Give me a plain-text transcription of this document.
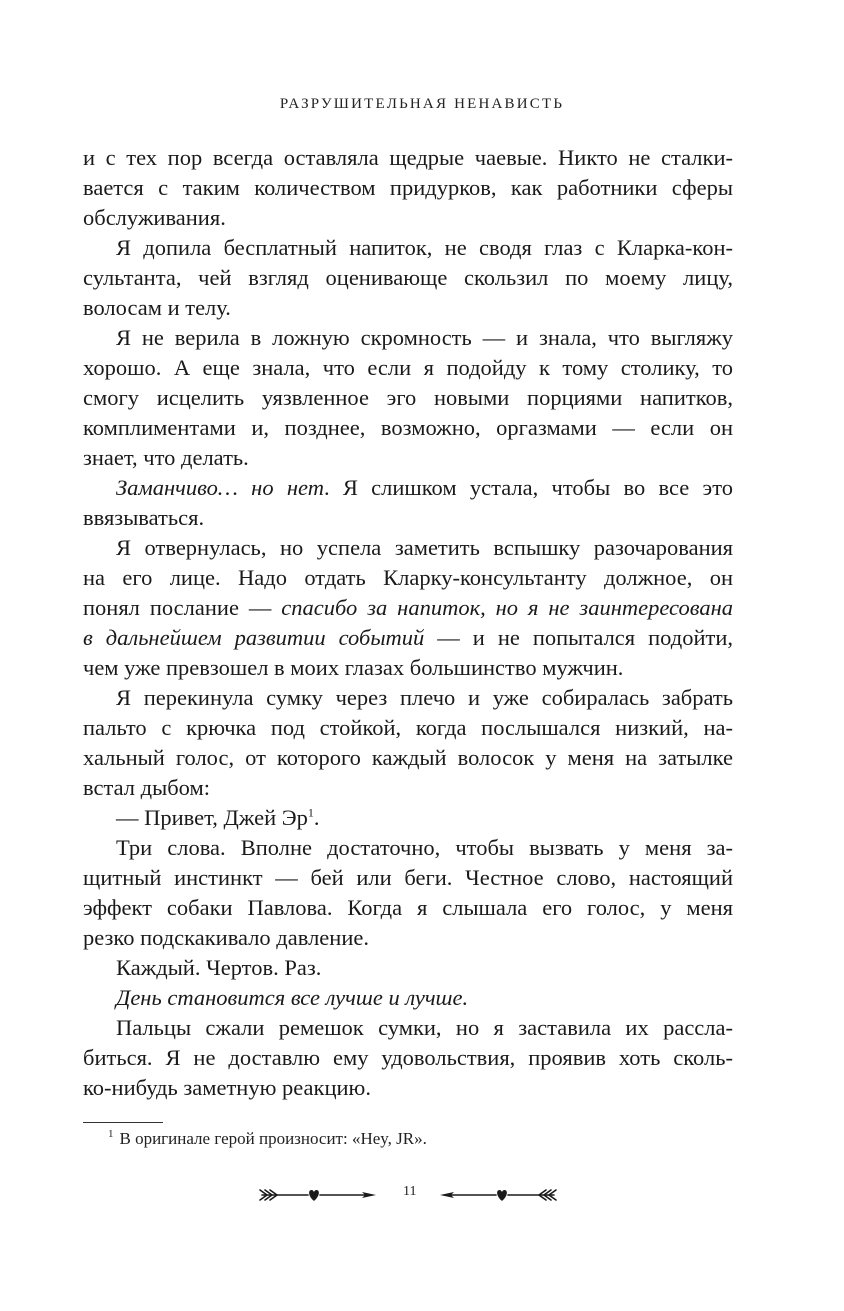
РАЗРУШИТЕЛЬНАЯ НЕНАВИСТЬ
и с тех пор всегда оставляла щедрые чаевые. Никто не сталки-
вается с таким количеством придурков, как работники сферы
обслуживания.
Я допила бесплатный напиток, не сводя глаз с Кларка-кон-
сультанта, чей взгляд оценивающе скользил по моему лицу,
волосам и телу.
Я не верила в ложную скромность — и знала, что выгляжу
хорошо. А еще знала, что если я подойду к тому столику, то
смогу исцелить уязвленное эго новыми порциями напитков,
комплиментами и, позднее, возможно, оргазмами — если он
знает, что делать.
Заманчиво… но нет. Я слишком устала, чтобы во все это
ввязываться.
Я отвернулась, но успела заметить вспышку разочарования
на его лице. Надо отдать Кларку-консультанту должное, он
понял послание — спасибо за напиток, но я не заинтересована
в дальнейшем развитии событий — и не попытался подойти,
чем уже превзошел в моих глазах большинство мужчин.
Я перекинула сумку через плечо и уже собиралась забрать
пальто с крючка под стойкой, когда послышался низкий, на-
хальный голос, от которого каждый волосок у меня на затылке
встал дыбом:
— Привет, Джей $Эр^1$.
Три слова. Вполне достаточно, чтобы вызвать у меня за-
щитный инстинкт — бей или беги. Честное слово, настоящий
эффект собаки Павлова. Когда я слышала его голос, у меня
резко подскакивало давление.
Каждый. Чертов. Раз.
День становится все лучше и лучше.
Пальцы сжали ремешок сумки, но я заставила их рассла-
биться. Я не доставлю ему удовольствия, проявив хоть сколь-
ко-нибудь заметную реакцию.
$^1$ В оригинале герой произносит: «Hey, JR».
11
